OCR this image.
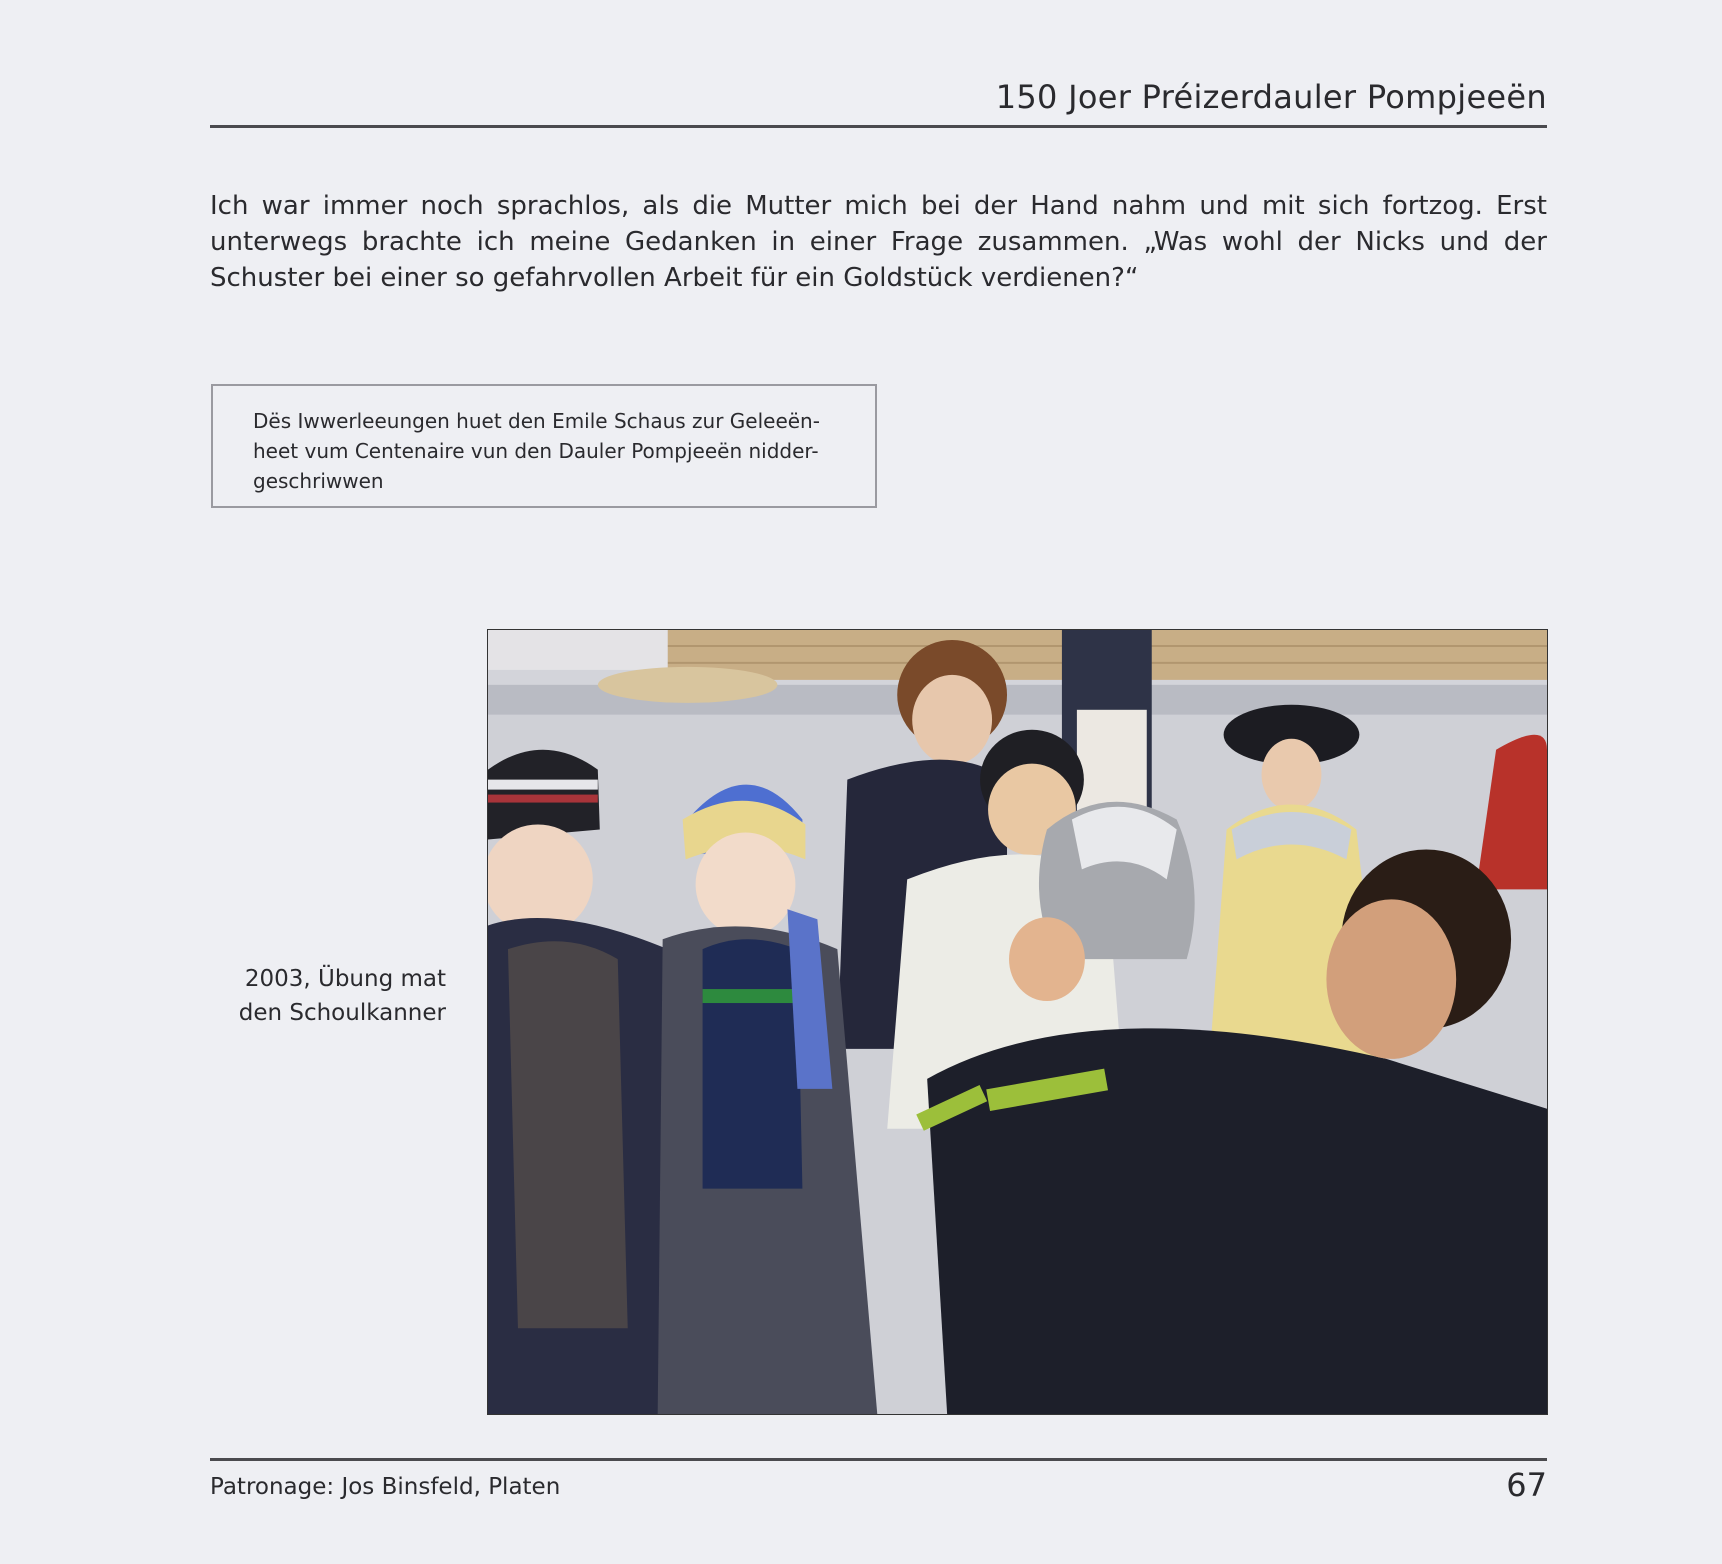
150 Joer Préizerdauler Pompjeeën
Ich war immer noch sprachlos, als die Mutter mich bei der Hand nahm und mit sich fortzog. Erst unterwegs brachte ich meine Gedanken in einer Frage zusammen. „Was wohl der Nicks und der Schuster bei einer so gefahrvollen Arbeit für ein Goldstück verdienen?“
Dës Iwwerleeungen huet den Emile Schaus zur Geleeën-
heet vum Centenaire vun den Dauler Pompjeeën nidder-
geschriwwen
2003, Übung mat
den Schoulkanner
Patronage: Jos Binsfeld, Platen	67
